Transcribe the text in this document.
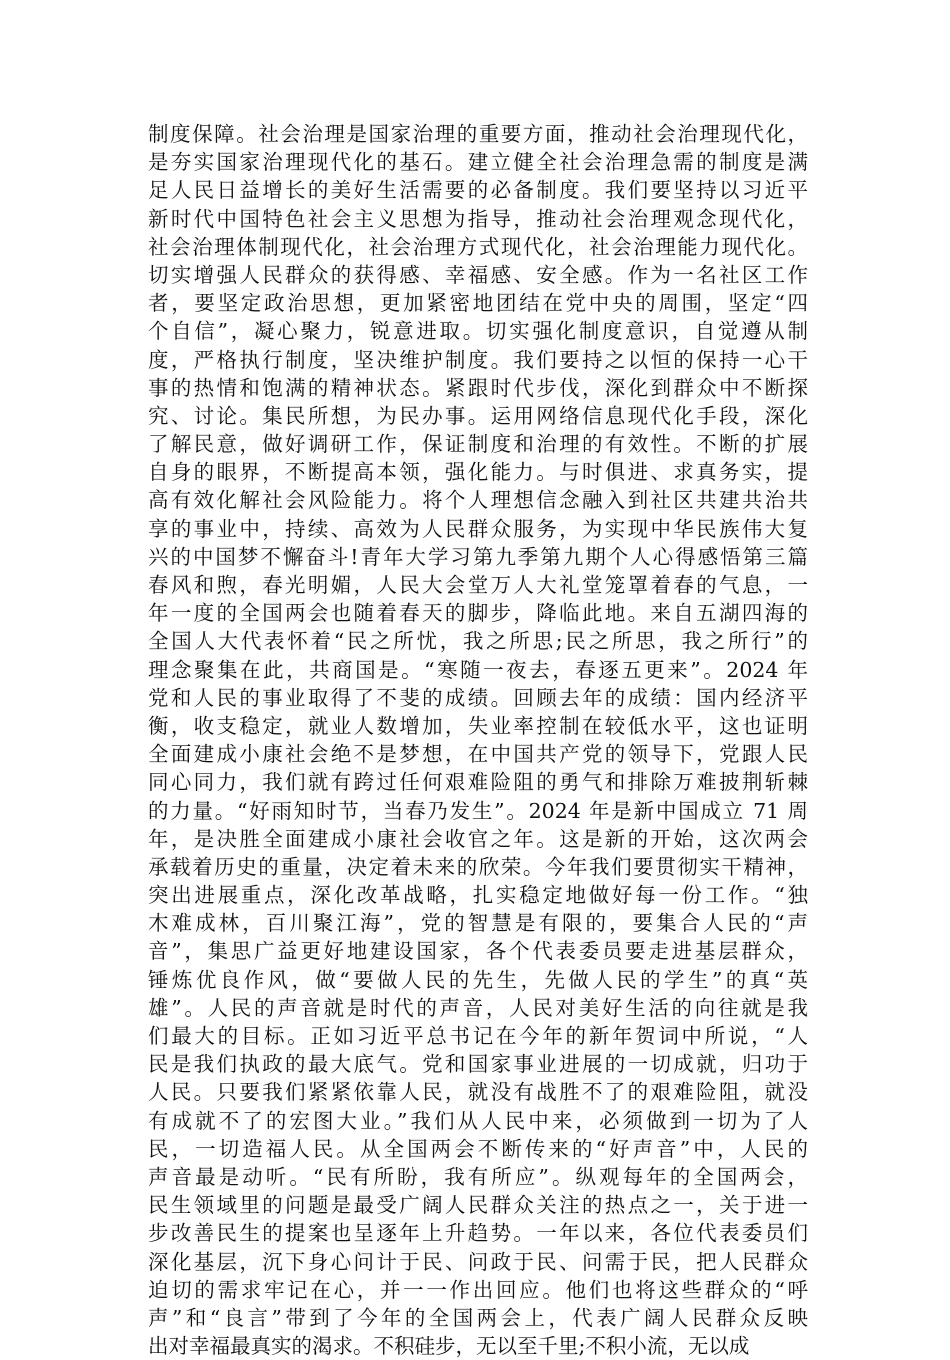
制度保障。社会治理是国家治理的重要方面，推动社会治理现代化，
是夯实国家治理现代化的基石。建立健全社会治理急需的制度是满
足人民日益增长的美好生活需要的必备制度。我们要坚持以习近平
新时代中国特色社会主义思想为指导，推动社会治理观念现代化，
社会治理体制现代化，社会治理方式现代化，社会治理能力现代化。
切实增强人民群众的获得感、幸福感、安全感。作为一名社区工作
者，要坚定政治思想，更加紧密地团结在党中央的周围，坚定“四
个自信”，凝心聚力，锐意进取。切实强化制度意识，自觉遵从制
度，严格执行制度，坚决维护制度。我们要持之以恒的保持一心干
事的热情和饱满的精神状态。紧跟时代步伐，深化到群众中不断探
究、讨论。集民所想，为民办事。运用网络信息现代化手段，深化
了解民意，做好调研工作，保证制度和治理的有效性。不断的扩展
自身的眼界，不断提高本领，强化能力。与时俱进、求真务实，提
高有效化解社会风险能力。将个人理想信念融入到社区共建共治共
享的事业中，持续、高效为人民群众服务，为实现中华民族伟大复
兴的中国梦不懈奋斗!青年大学习第九季第九期个人心得感悟第三篇
春风和煦，春光明媚，人民大会堂万人大礼堂笼罩着春的气息，一
年一度的全国两会也随着春天的脚步，降临此地。来自五湖四海的
全国人大代表怀着“民之所忧，我之所思;民之所思，我之所行”的
理念聚集在此，共商国是。“寒随一夜去，春逐五更来”。2024 年
党和人民的事业取得了不斐的成绩。回顾去年的成绩：国内经济平
衡，收支稳定，就业人数增加，失业率控制在较低水平，这也证明
全面建成小康社会绝不是梦想，在中国共产党的领导下，党跟人民
同心同力，我们就有跨过任何艰难险阻的勇气和排除万难披荆斩棘
的力量。“好雨知时节，当春乃发生”。2024 年是新中国成立 71 周
年，是决胜全面建成小康社会收官之年。这是新的开始，这次两会
承载着历史的重量，决定着未来的欣荣。今年我们要贯彻实干精神，
突出进展重点，深化改革战略，扎实稳定地做好每一份工作。“独
木难成林，百川聚江海”，党的智慧是有限的，要集合人民的“声
音”，集思广益更好地建设国家，各个代表委员要走进基层群众，
锤炼优良作风，做“要做人民的先生，先做人民的学生”的真“英
雄”。人民的声音就是时代的声音，人民对美好生活的向往就是我
们最大的目标。正如习近平总书记在今年的新年贺词中所说，“人
民是我们执政的最大底气。党和国家事业进展的一切成就，归功于
人民。只要我们紧紧依靠人民，就没有战胜不了的艰难险阻，就没
有成就不了的宏图大业。”我们从人民中来，必须做到一切为了人
民，一切造福人民。从全国两会不断传来的“好声音”中，人民的
声音最是动听。“民有所盼，我有所应”。纵观每年的全国两会，
民生领域里的问题是最受广阔人民群众关注的热点之一，关于进一
步改善民生的提案也呈逐年上升趋势。一年以来，各位代表委员们
深化基层，沉下身心问计于民、问政于民、问需于民，把人民群众
迫切的需求牢记在心，并一一作出回应。他们也将这些群众的“呼
声”和“良言”带到了今年的全国两会上，代表广阔人民群众反映
出对幸福最真实的渴求。不积硅步，无以至千里;不积小流，无以成
